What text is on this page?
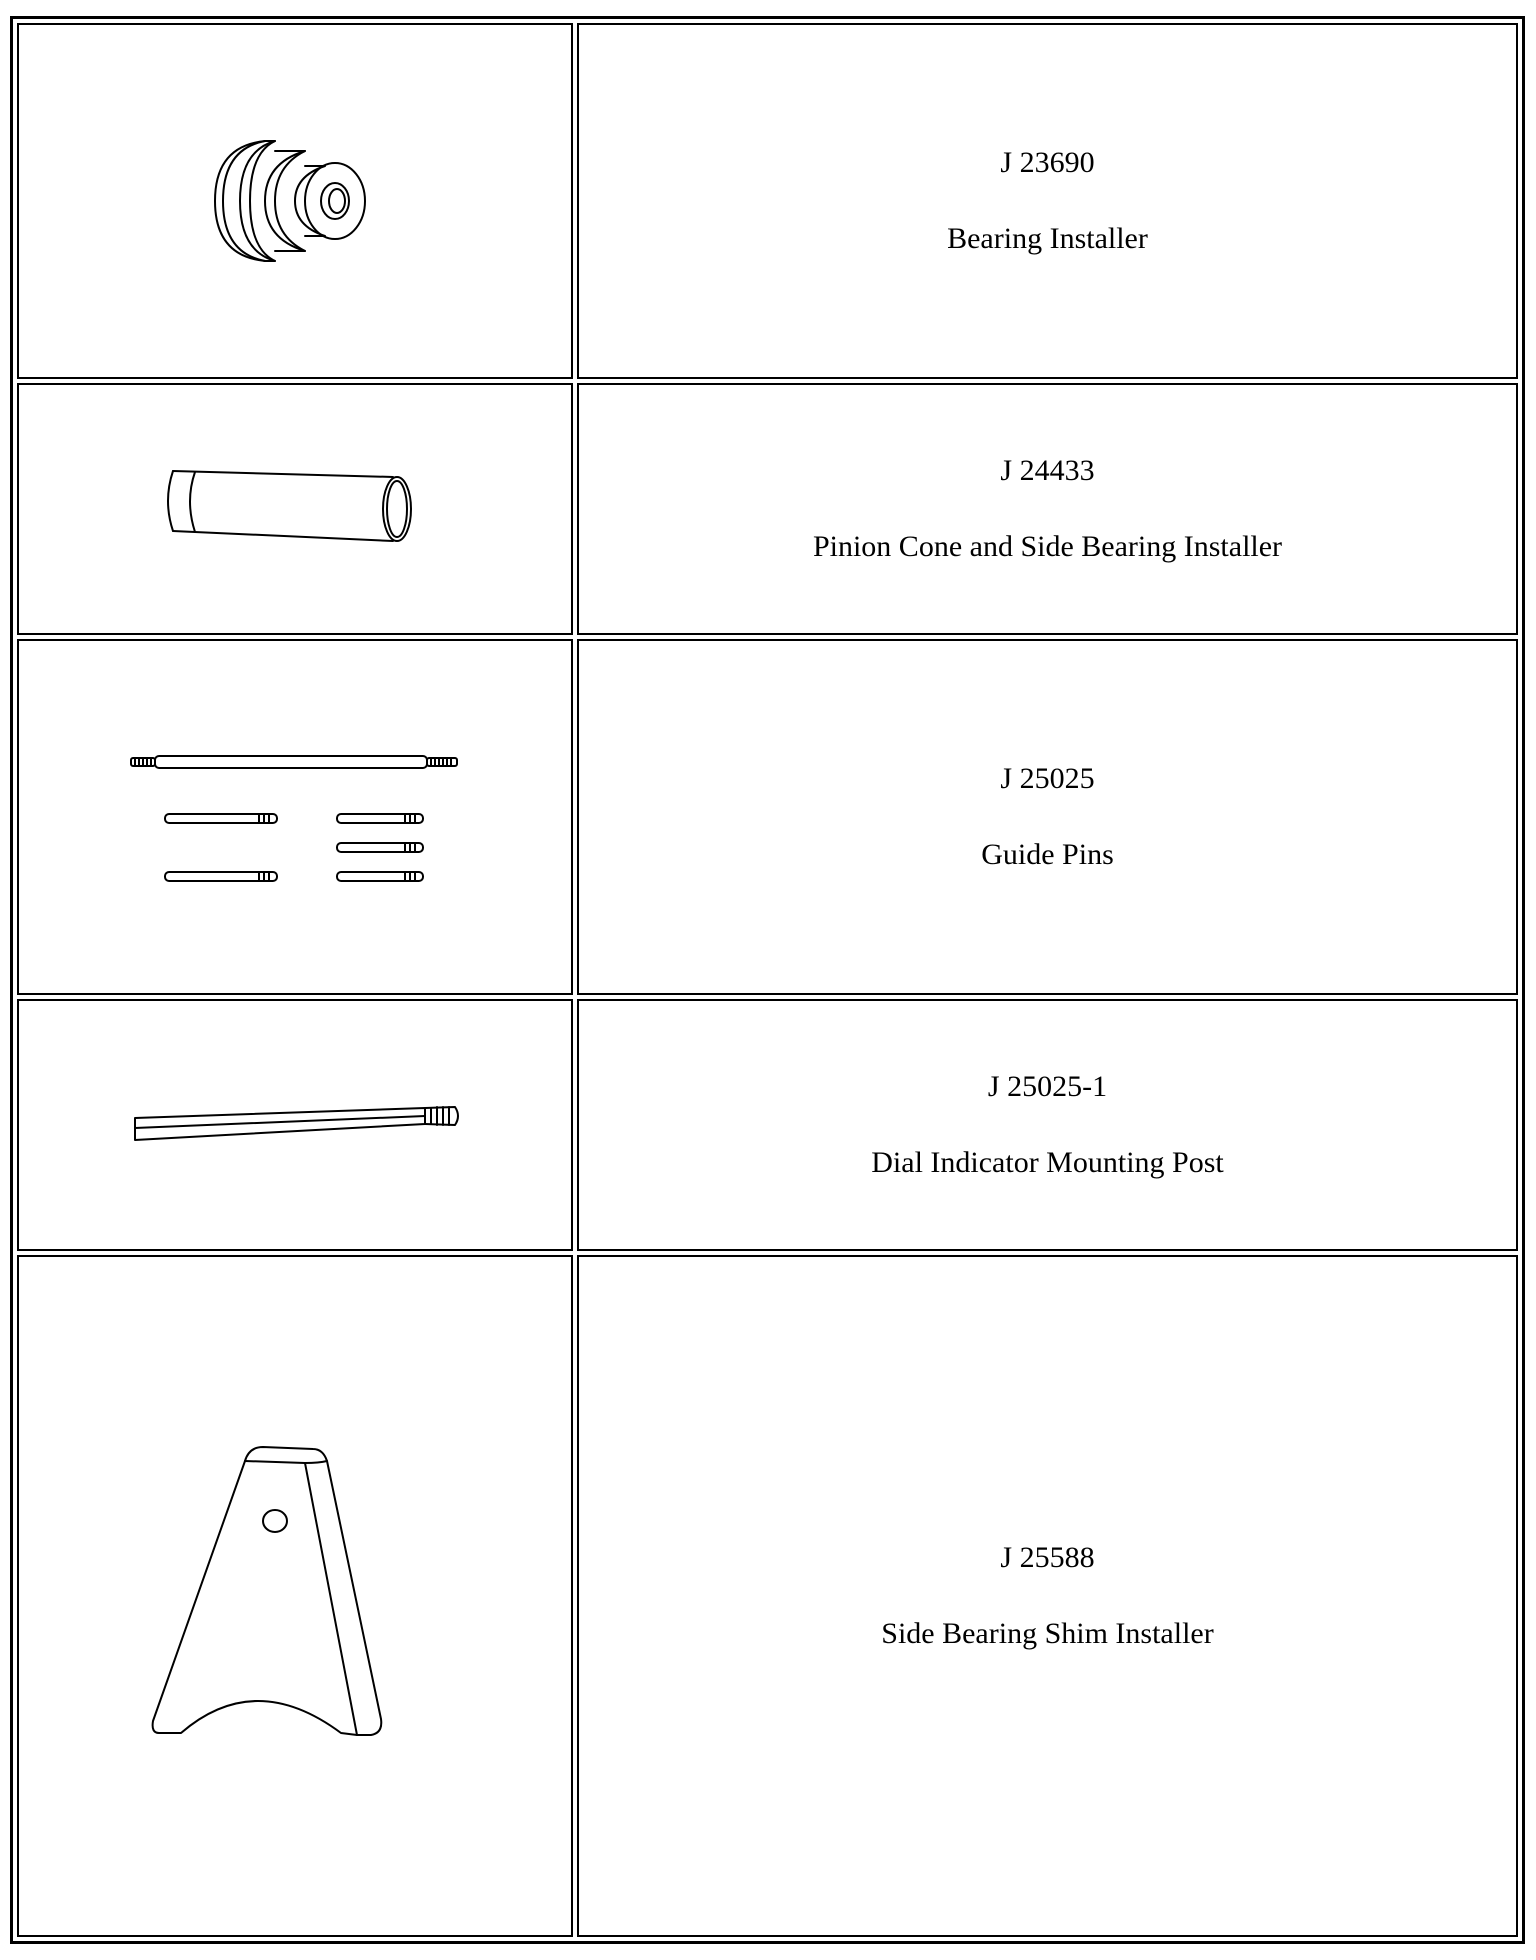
J 23690
Bearing Installer

J 24433
Pinion Cone and Side Bearing Installer

J 25025
Guide Pins

J 25025-1
Dial Indicator Mounting Post

J 25588
Side Bearing Shim Installer
